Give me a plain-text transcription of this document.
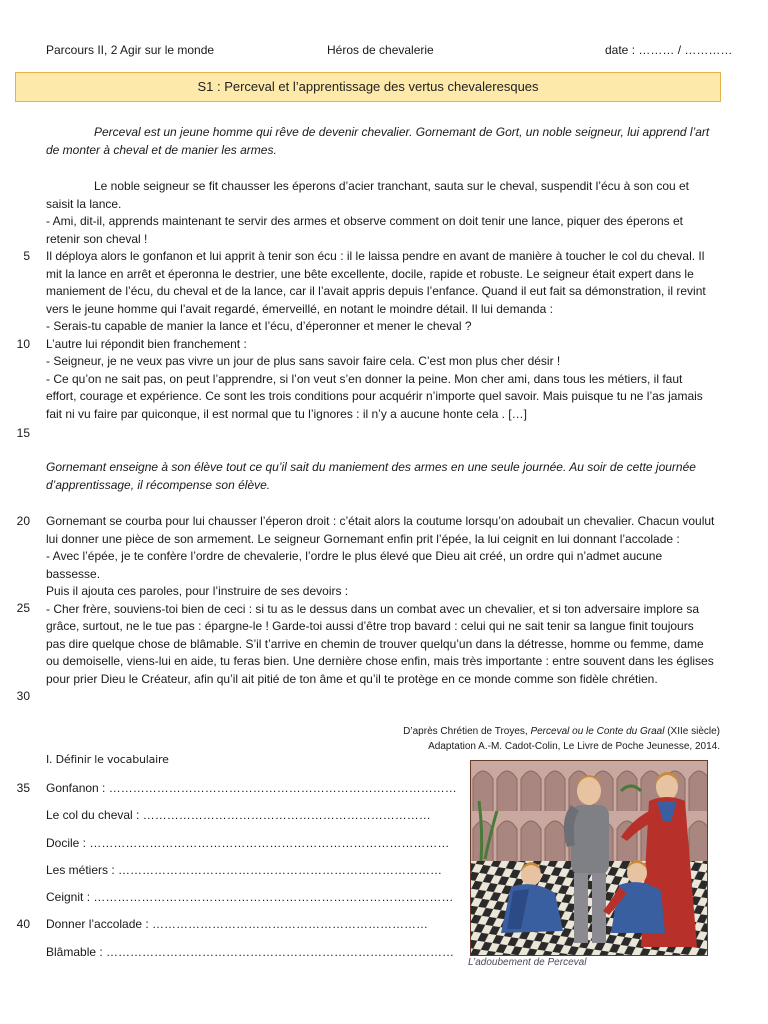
Parcours II, 2 Agir sur le monde	Héros de chevalerie	date : ……… / …………
S1 : Perceval et l’apprentissage des vertus chevaleresques

Perceval est un jeune homme qui rêve de devenir chevalier. Gornemant de Gort, un noble seigneur, lui apprend l’art de monter à cheval et de manier les armes.

Le noble seigneur se fit chausser les éperons d’acier tranchant, sauta sur le cheval, suspendit l’écu à son cou et saisit la lance.

- Ami, dit-il, apprends maintenant te servir des armes et observe comment on doit tenir une lance, piquer des éperons et retenir son cheval !

Il déploya alors le gonfanon et lui apprit à tenir son écu : il le laissa pendre en avant de manière à toucher le col du cheval. Il mit la lance en arrêt et éperonna le destrier, une bête excellente, docile, rapide et robuste. Le seigneur était expert dans le maniement de l’écu, du cheval et de la lance, car il l’avait appris depuis l’enfance. Quand il eut fait sa démonstration, il revint vers le jeune homme qui l’avait regardé, émerveillé, en notant le moindre détail. Il lui demanda :

- Serais-tu capable de manier la lance et l’écu, d’éperonner et mener le cheval ?

L’autre lui répondit bien franchement :

- Seigneur, je ne veux pas vivre un jour de plus sans savoir faire cela. C’est mon plus cher désir !

- Ce qu’on ne sait pas, on peut l’apprendre, si l’on veut s’en donner la peine. Mon cher ami, dans tous les métiers, il faut effort, courage et expérience. Ce sont les trois conditions pour acquérir n’importe quel savoir. Mais puisque tu ne l’as jamais fait ni vu faire par quiconque, il est normal que tu l’ignores : il n’y a aucune honte cela . […]

Gornemant enseigne à son élève tout ce qu’il sait du maniement des armes en une seule journée. Au soir de cette journée d’apprentissage, il récompense son élève.

Gornemant se courba pour lui chausser l’éperon droit : c’était alors la coutume lorsqu’on adoubait un chevalier. Chacun voulut lui donner une pièce de son armement. Le seigneur Gornemant enfin prit l’épée, la lui ceignit en lui donnant l’accolade :

- Avec l’épée, je te confère l’ordre de chevalerie, l’ordre le plus élevé que Dieu ait créé, un ordre qui n’admet aucune bassesse.

Puis il ajouta ces paroles, pour l’instruire de ses devoirs :

- Cher frère, souviens-toi bien de ceci : si tu as le dessus dans un combat avec un chevalier, et si ton adversaire implore sa grâce, surtout, ne le tue pas : épargne-le ! Garde-toi aussi d’être trop bavard : celui qui ne sait tenir sa langue finit toujours pas dire quelque chose de blâmable. S’il t’arrive en chemin de trouver quelqu’un dans la détresse, homme ou femme, dame ou demoiselle, viens-lui en aide, tu feras bien. Une dernière chose enfin, mais très importante : entre souvent dans les églises pour prier Dieu le Créateur, afin qu’il ait pitié de ton âme et qu’il te protège en ce monde comme son fidèle chrétien.

5
10
15
20
25
30
35
40
D’après Chrétien de Troyes, Perceval ou le Conte du Graal (XIIe siècle)
Adaptation A.-M. Cadot-Colin, Le Livre de Poche Jeunesse, 2014.
I. Définir le vocabulaire
Gonfanon : ……………………………………………………………………………
Le col du cheval : ………………………………………………………………
Docile : ………………………………………………………………………………
Les métiers : ………………………………………………………………………
Ceignit : ………………………………………………………………………………
Donner l’accolade : ……………………………………………………………
Blâmable : ……………………………………………………………………………
L’adoubement de Perceval
